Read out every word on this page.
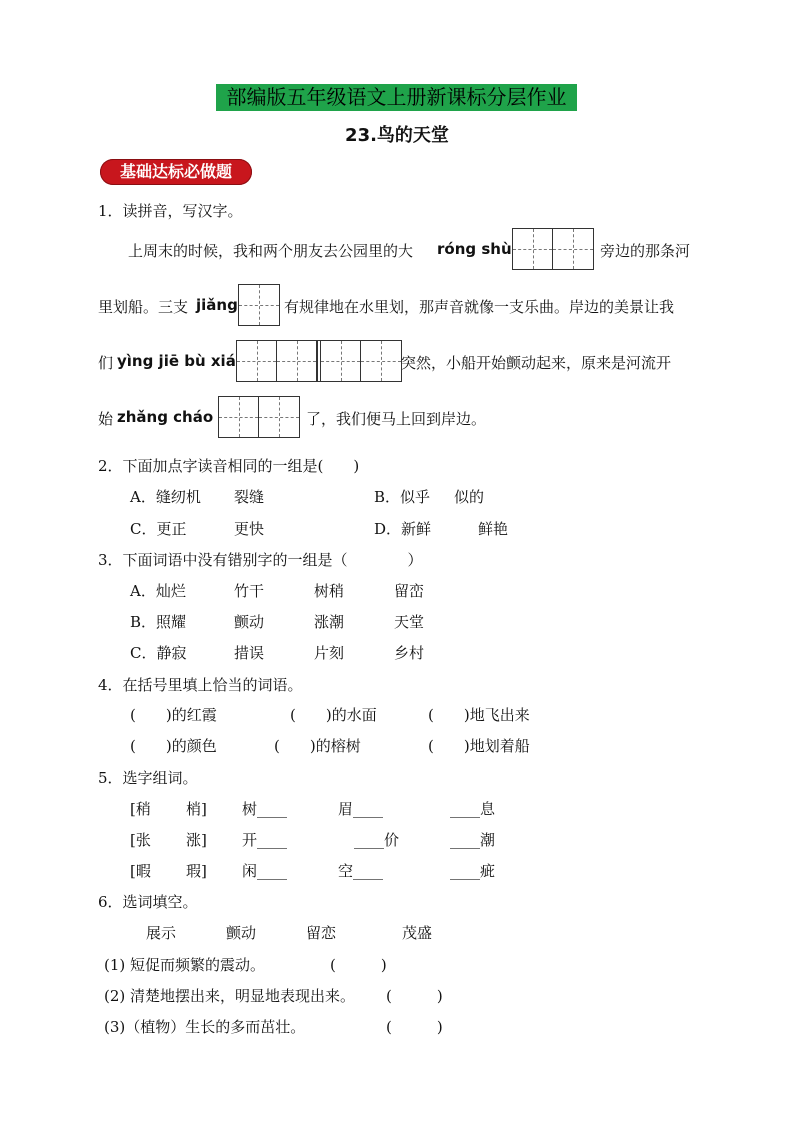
部编版五年级语文上册新课标分层作业
23.鸟的天堂
基础达标必做题
1．读拼音，写汉字。
上周末的时候，我和两个朋友去公园里的大 róng shù	旁边的那条河
里划船。三支 jiǎng	有规律地在水里划，那声音就像一支乐曲。岸边的美景让我
们 yìng jiē bù xiá	突然，小船开始颤动起来，原来是河流开
始 zhǎng cháo	了，我们便马上回到岸边。
2．下面加点字读音相同的一组是(　　)
A．缝纫机 裂缝	B．似乎 似的
C．更正	更快	D．新鲜	鲜艳
3．下面词语中没有错别字的一组是（　　　　）
A．灿烂	竹干	树稍	留峦
B．照耀	颤动	涨潮	天堂
C．静寂	措误	片刻	乡村
4．在括号里填上恰当的词语。
(　　)的红霞	(　　)的水面	(　　)地飞出来
(　　)的颜色	(　　)的榕树	(　　)地划着船
5．选字组词。
[稍 梢] 树____	眉____	____息
[张 涨] 开____	____价	____潮
[暇 瑕] 闲____	空____	____疵
6．选词填空。
展示	颤动	留恋	茂盛
(1) 短促而频繁的震动。	(　　　)
(2) 清楚地摆出来，明显地表现出来。 (　　　)
(3)（植物）生长的多而茁壮。	(　　　)
